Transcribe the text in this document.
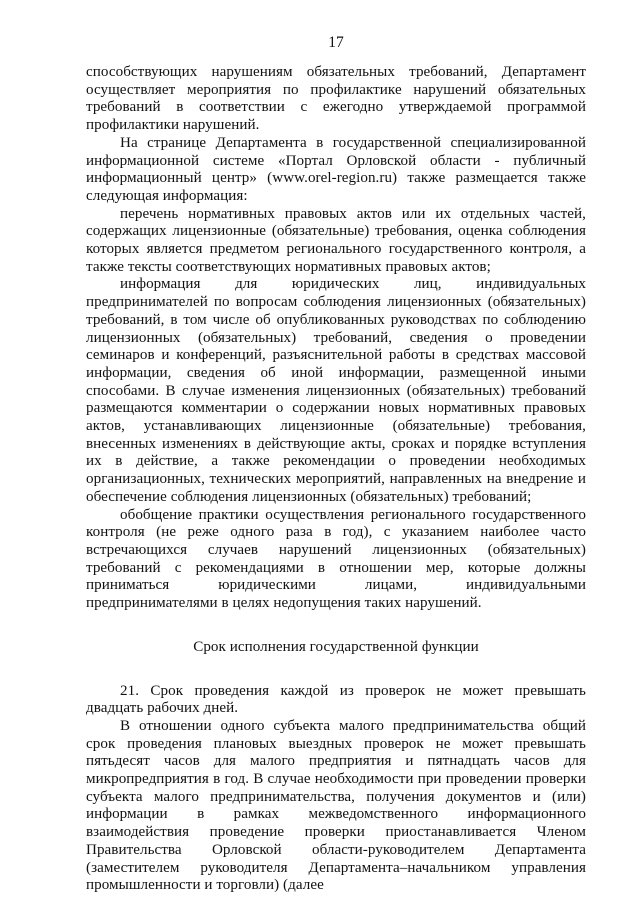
17

способствующих нарушениям обязательных требований, Департамент осуществляет мероприятия по профилактике нарушений обязательных требований в соответствии с ежегодно утверждаемой программой профилактики нарушений.

На странице Департамента в государственной специализированной информационной системе «Портал Орловской области - публичный информационный центр» (www.orel-region.ru) также размещается также следующая информация:

перечень нормативных правовых актов или их отдельных частей, содержащих лицензионные (обязательные) требования, оценка соблюдения которых является предметом регионального государственного контроля, а также тексты соответствующих нормативных правовых актов;

информация для юридических лиц, индивидуальных предпринимателей по вопросам соблюдения лицензионных (обязательных) требований, в том числе об опубликованных руководствах по соблюдению лицензионных (обязательных) требований, сведения о проведении семинаров и конференций, разъяснительной работы в средствах массовой информации, сведения об иной информации, размещенной иными способами. В случае изменения лицензионных (обязательных) требований размещаются комментарии о содержании новых нормативных правовых актов, устанавливающих лицензионные (обязательные) требования, внесенных изменениях в действующие акты, сроках и порядке вступления их в действие, а также рекомендации о проведении необходимых организационных, технических мероприятий, направленных на внедрение и обеспечение соблюдения лицензионных (обязательных) требований;

обобщение практики осуществления регионального государственного контроля (не реже одного раза в год), с указанием наиболее часто встречающихся случаев нарушений лицензионных (обязательных) требований с рекомендациями в отношении мер, которые должны приниматься юридическими лицами, индивидуальными предпринимателями в целях недопущения таких нарушений.

Срок исполнения государственной функции

21. Срок проведения каждой из проверок не может превышать двадцать рабочих дней.

В отношении одного субъекта малого предпринимательства общий срок проведения плановых выездных проверок не может превышать пятьдесят часов для малого предприятия и пятнадцать часов для микропредприятия в год. В случае необходимости при проведении проверки субъекта малого предпринимательства, получения документов и (или) информации в рамках межведомственного информационного взаимодействия проведение проверки приостанавливается Членом Правительства Орловской области-руководителем Департамента (заместителем руководителя Департамента–начальником управления промышленности и торговли) (далее
